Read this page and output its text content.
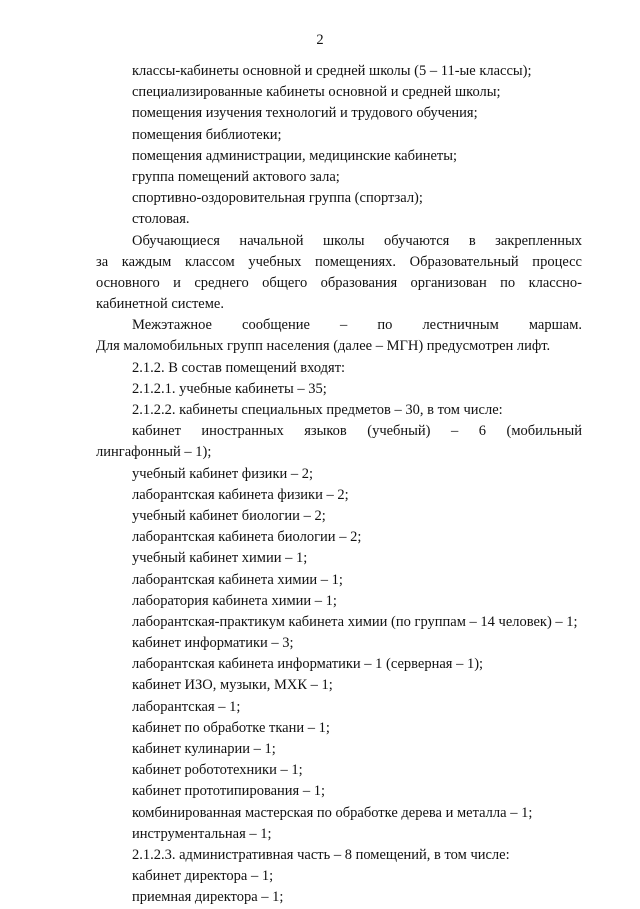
2
классы-кабинеты основной и средней школы (5 – 11-ые классы);
специализированные кабинеты основной и средней школы;
помещения изучения технологий и трудового обучения;
помещения библиотеки;
помещения администрации, медицинские кабинеты;
группа помещений актового зала;
спортивно-оздоровительная группа (спортзал);
столовая.
Обучающиеся начальной школы обучаются в закрепленных
за каждым классом учебных помещениях. Образовательный процесс
основного и среднего общего образования организован по классно-
кабинетной системе.
Межэтажное сообщение – по лестничным маршам.
Для маломобильных групп населения (далее – МГН) предусмотрен лифт.
2.1.2. В состав помещений входят:
2.1.2.1. учебные кабинеты – 35;
2.1.2.2. кабинеты специальных предметов – 30, в том числе:
кабинет иностранных языков (учебный) – 6 (мобильный
лингафонный – 1);
учебный кабинет физики – 2;
лаборантская кабинета физики – 2;
учебный кабинет биологии – 2;
лаборантская кабинета биологии – 2;
учебный кабинет химии – 1;
лаборантская кабинета химии – 1;
лаборатория кабинета химии – 1;
лаборантская-практикум кабинета химии (по группам – 14 человек) – 1;
кабинет информатики – 3;
лаборантская кабинета информатики – 1 (серверная – 1);
кабинет ИЗО, музыки, МХК – 1;
лаборантская – 1;
кабинет по обработке ткани – 1;
кабинет кулинарии – 1;
кабинет робототехники – 1;
кабинет прототипирования – 1;
комбинированная мастерская по обработке дерева и металла – 1;
инструментальная – 1;
2.1.2.3. административная часть – 8 помещений, в том числе:
кабинет директора – 1;
приемная директора – 1;
